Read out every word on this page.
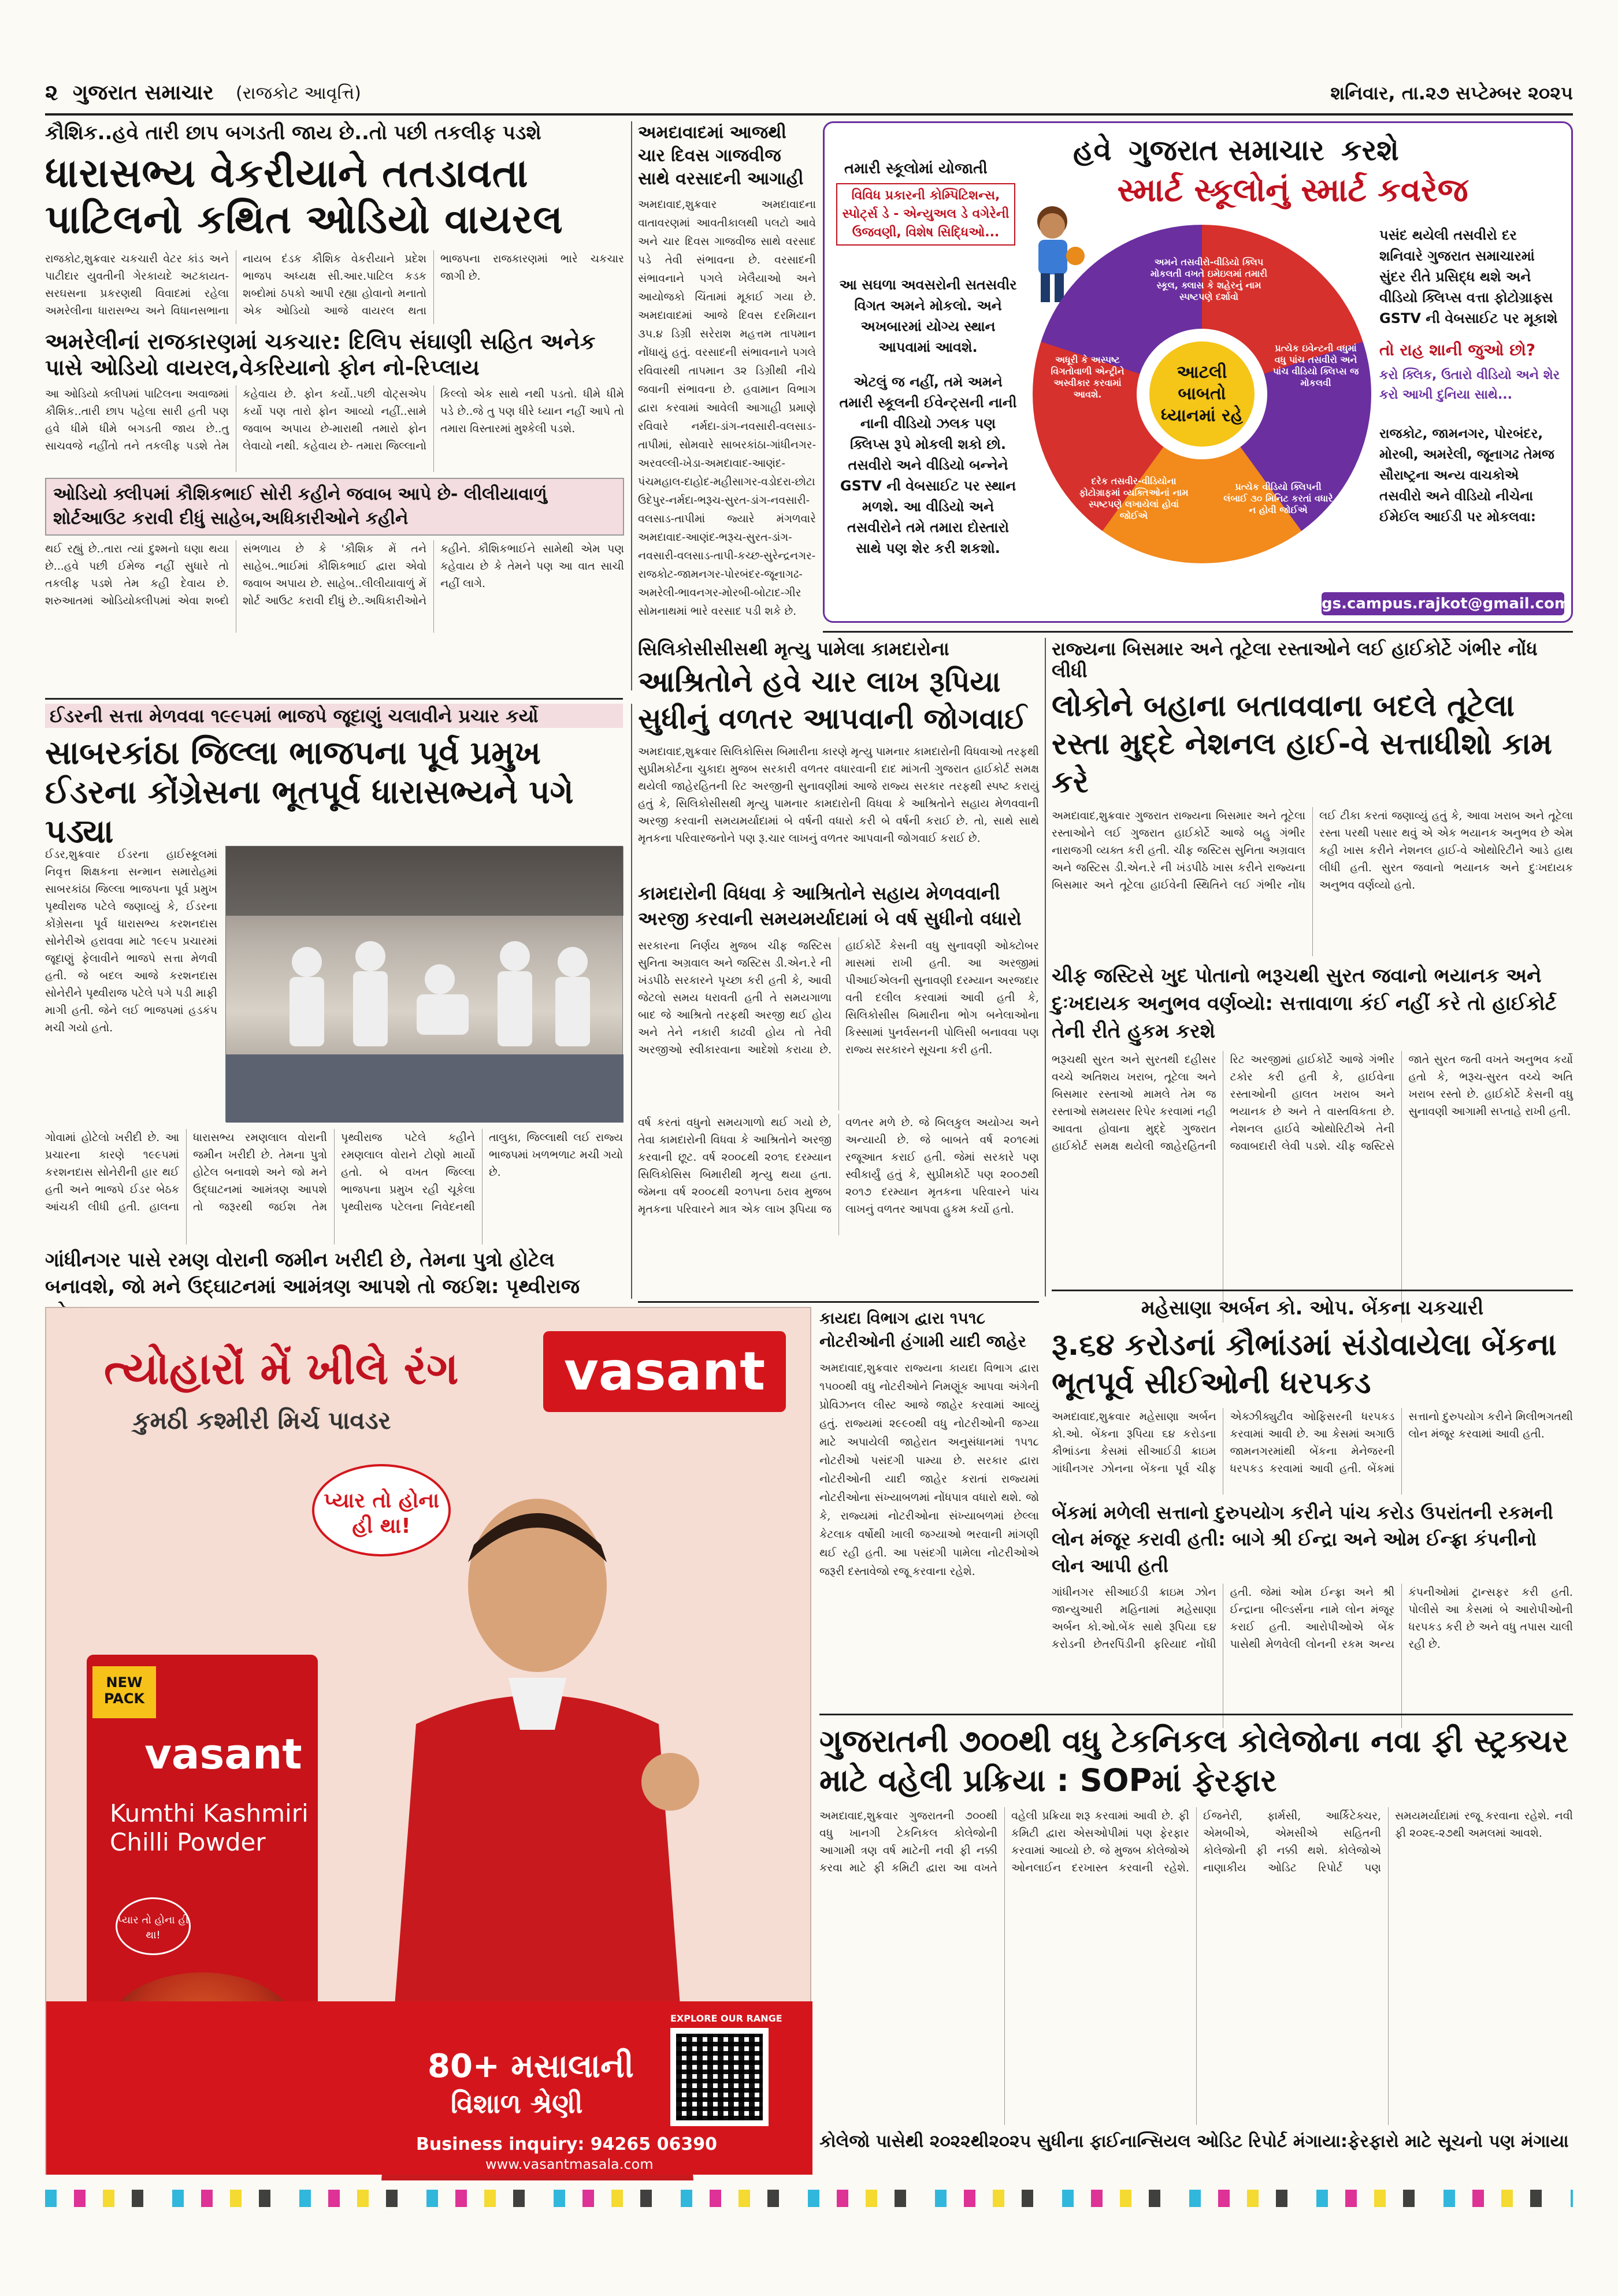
૨ ગુજરાત સમાચાર (રાજકોટ આવૃત્તિ)	શનિવાર, તા.૨૭ સપ્ટેમ્બર ૨૦૨૫
કૌશિક..હવે તારી છાપ બગડતી જાય છે..તો પછી તકલીફ પડશે
ધારાસભ્ય વેકરીયાને તતડાવતા પાટિલનો કથિત ઓડિયો વાયરલ
રાજકોટ,શુક્રવાર ચકચારી વેટર કાંડ અને પાટીદાર યુવતીની ગેરકાયદે અટકાયત-સરઘસના પ્રકરણથી વિવાદમાં રહેલા અમરેલીના ધારાસભ્ય અને વિધાનસભાના નાયબ દંડક કૌશિક વેકરીયાને પ્રદેશ ભાજપ અધ્યક્ષ સી.આર.પાટિલ કડક શબ્દોમાં ઠપકો આપી રહ્યા હોવાનો મનાતો એક ઓડિયો આજે વાયરલ થતા ભાજપના રાજકારણમાં ભારે ચકચાર જાગી છે.
અમરેલીનાં રાજકારણમાં ચકચાર: દિલિપ સંઘાણી સહિત અનેક પાસે ઓડિયો વાયરલ,વેકરિયાનો ફોન નો-રિપ્લાય
આ ઓડિયો ક્લીપમાં પાટિલના અવાજમાં કૌશિક..તારી છાપ પહેલા સારી હતી પણ હવે ધીમે ધીમે બગડતી જાય છે..તુ સાચવજે નહીંતો તને તકલીફ પડશે તેમ કહેવાય છે. ફોન કર્યો..પછી વોટ્સએપ કર્યો પણ તારો ફોન આવ્યો નહીં..સામે જવાબ અપાય છે-મારાથી તમારો ફોન લેવાયો નથી. કહેવાય છે- તમારા જિલ્લાનો કિલ્લો એક સાથે નથી પડતો. ધીમે ધીમે પડે છે..જે તુ પણ ધીરે ધ્યાન નહીં આપે તો તમારા વિસ્તારમાં મુશ્કેલી પડશે.
ઓડિયો ક્લીપમાં કૌશિકભાઈ સોરી કહીને જવાબ આપે છે- લીલીયાવાળું શોર્ટઆઉટ કરાવી દીધું સાહેબ,અધિકારીઓને કહીને
થઈ રહ્યું છે..તારા ત્યાં દુશ્મનો ઘણા થયા છે...હવે પછી ઈમેજ નહીં સુધારે તો તકલીફ પડશે તેમ કહી દેવાય છે. શરુઆતમાં ઓડિયોક્લીપમાં એવા શબ્દો સંભળાય છે કે 'કૌશિક મેં તને સાહેબ..ભાઈમાં કૌશિકભાઈ દ્વારા એવો જવાબ અપાય છે. સાહેબ..લીલીયાવાળું મેં શોર્ટ આઉટ કરાવી દીધું છે..અધિકારીઓને કહીને. કૌશિકભાઈને સામેથી એમ પણ કહેવાય છે કે તેમને પણ આ વાત સાચી નહીં લાગે.
અમદાવાદમાં આજથી ચાર દિવસ ગાજવીજ સાથે વરસાદની આગાહી
અમદાવાદ,શુક્રવાર અમદાવાદના વાતાવરણમાં આવતીકાલથી પલટો આવે અને ચાર દિવસ ગાજવીજ સાથે વરસાદ પડે તેવી સંભાવના છે. વરસાદની સંભાવનાને પગલે ખેલૈયાઓ અને આયોજકો ચિંતામાં મૂકાઈ ગયા છે. અમદાવાદમાં આજે દિવસ દરમિયાન ૩૫.૪ ડિગ્રી સરેરાશ મહત્તમ તાપમાન નોંધાયું હતું. વરસાદની સંભાવનાને પગલે રવિવારથી તાપમાન ૩૨ ડિગ્રીથી નીચે જવાની સંભાવના છે. હવામાન વિભાગ દ્વારા કરવામાં આવેલી આગાહી પ્રમાણે રવિવારે નર્મદા-ડાંગ-નવસારી-વલસાડ-તાપીમાં, સોમવારે સાબરકાંઠા-ગાંધીનગર-અરવલ્લી-ખેડા-અમદાવાદ-આણંદ-પંચમહાલ-દાહોદ-મહીસાગર-વડોદરા-છોટા ઉદેપુર-નર્મદા-ભરૂચ-સુરત-ડાંગ-નવસારી-વલસાડ-તાપીમાં જ્યારે મંગળવારે અમદાવાદ-આણંદ-ભરૂચ-સુરત-ડાંગ-નવસારી-વલસાડ-તાપી-કચ્છ-સુરેન્દ્રનગર-રાજકોટ-જામનગર-પોરબંદર-જૂનાગઢ-અમરેલી-ભાવનગર-મોરબી-બોટાદ-ગીર સોમનાથમાં ભારે વરસાદ પડી શકે છે.
હવે ગુજરાત સમાચાર કરશે
સ્માર્ટ સ્કૂલોનું સ્માર્ટ કવરેજ
તમારી સ્કૂલોમાં યોજાતી
વિવિધ પ્રકારની કોમ્પિટિશન્સ, સ્પોર્ટ્સ ડે - એન્યુઅલ ડે વગેરેની ઉજવણી, વિશેષ સિદ્ધિઓ...
આ સઘળા અવસરોની સતસવીર વિગત અમને મોકલો. અને અખબારમાં યોગ્ય સ્થાન આપવામાં આવશે.
એટલું જ નહીં, તમે અમને તમારી સ્કૂલની ઈવેન્ટ્સની નાની નાની વીડિયો ઝલક પણ ક્લિપ્સ રૂપે મોકલી શકો છો. તસવીરો અને વીડિયો બન્નેને GSTV ની વેબસાઈટ પર સ્થાન મળશે. આ વીડિયો અને તસવીરોને તમે તમારા દોસ્તારો સાથે પણ શેર કરી શકશો.
આટલી બાબતો ધ્યાનમાં રહે
અમને તસવીરો-વીડિયો ક્લિપ મોકલતી વખતે ઇમેઇલમાં તમારી સ્કૂલ, ક્લાસ કે શહેરનું નામ સ્પષ્ટપણે દર્શાવો
પ્રત્યેક ઇવેન્ટની વધુમાં વધુ પાંચ તસવીરો અને પાંચ વીડિયો ક્લિપ્સ જ મોકલવી
પ્રત્યેક વીડિયો ક્લિપની લંબાઈ ૩૦ મિનિટ કરતાં વધારે ન હોવી જોઈએ
દરેક તસવીર-વીડિયોના ફોટોગ્રાફમાં વ્યક્તિઓનાં નામ સ્પષ્ટપણે લખાયેલાં હોવાં જોઈએ
અધૂરી કે અસ્પષ્ટ વિગતોવાળી એન્ટ્રીને અસ્વીકાર કરવામાં આવશે.
પસંદ થયેલી તસવીરો દર શનિવારે ગુજરાત સમાચારમાં સુંદર રીતે પ્રસિદ્ધ થશે અને વીડિયો ક્લિપ્સ વત્તા ફોટોગ્રાફ્સ GSTV ની વેબસાઈટ પર મૂકાશે
તો રાહ શાની જુઓ છો?
કરો ક્લિક, ઉતારો વીડિયો અને શેર કરો આખી દુનિયા સાથે...
રાજકોટ, જામનગર, પોરબંદર, મોરબી, અમરેલી, જૂનાગઢ તેમજ સૌરાષ્ટ્રના અન્ય વાચકોએ તસવીરો અને વીડિયો નીચેના ઈમેઈલ આઈડી પર મોકલવા:
gs.campus.rajkot@gmail.com
ઈડરની સત્તા મેળવવા ૧૯૯૫માં ભાજપે જૂદાણું ચલાવીને પ્રચાર કર્યો
સાબરકાંઠા જિલ્લા ભાજપના પૂર્વ પ્રમુખ ઈડરના કોંગ્રેસના ભૂતપૂર્વ ધારાસભ્યને પગે પડ્યા
ઈડર,શુક્રવાર ઈડરના હાઈસ્કૂલમાં નિવૃત્ત શિક્ષકના સન્માન સમારોહમાં સાબરકાંઠા જિલ્લા ભાજપના પૂર્વ પ્રમુખ પૃથ્વીરાજ પટેલે જણાવ્યું કે, ઈડરના કોંગ્રેસના પૂર્વ ધારાસભ્ય કરશનદાસ સોનેરીએ હરાવવા માટે ૧૯૯૫ પ્રચારમાં જૂદાણું ફેલાવીને ભાજપે સત્તા મેળવી હતી. જે બદલ આજે કરશનદાસ સોનેરીને પૃથ્વીરાજ પટેલે પગે પડી માફી માગી હતી. જેને લઈ ભાજપમાં હડકંપ મચી ગયો હતો.
ગોવામાં હોટેલો ખરીદી છે. આ પ્રચારના કારણે ૧૯૯૫માં કરશનદાસ સોનેરીની હાર થઈ હતી અને ભાજપે ઈડર બેઠક આંચકી લીધી હતી. હાલના ધારાસભ્ય રમણલાલ વોરાની જમીન ખરીદી છે. તેમના પુત્રો હોટેલ બનાવશે અને જો મને ઉદ્‌ઘાટનમાં આમંત્રણ આપશે તો જરૂરથી જઈશ તેમ પૃથ્વીરાજ પટેલે કહીને રમણલાલ વોરાને ટોણો માર્યો હતો. બે વખત જિલ્લા ભાજપના પ્રમુખ રહી ચૂકેલા પૃથ્વીરાજ પટેલના નિવેદનથી તાલુકા, જિલ્લાથી લઈ રાજ્ય ભાજપમાં ખળભળાટ મચી ગયો છે.
ગાંધીનગર પાસે રમણ વોરાની જમીન ખરીદી છે, તેમના પુત્રો હોટેલ બનાવશે, જો મને ઉદ્ઘાટનમાં આમંત્રણ આપશે તો જઈશ: પૃથ્વીરાજ
સિલિકોસીસીસથી મૃત્યુ પામેલા કામદારોના
આશ્રિતોને હવે ચાર લાખ રૂપિયા સુધીનું વળતર આપવાની જોગવાઈ
અમદાવાદ,શુક્રવાર સિલિકોસિસ બિમારીના કારણે મૃત્યુ પામનાર કામદારોની વિધવાઓ તરફથી સુપ્રીમકોર્ટના ચુકાદા મુજબ સરકારી વળતર વધારવાની દાદ માંગતી ગુજરાત હાઈકોર્ટ સમક્ષ થયેલી જાહેરહિતની રિટ અરજીની સુનાવણીમાં આજે રાજ્ય સરકાર તરફથી સ્પષ્ટ કરાયું હતું કે, સિલિકોસીસથી મૃત્યુ પામનાર કામદારોની વિધવા કે આશ્રિતોને સહાય મેળવવાની અરજી કરવાની સમયમર્યાદામાં બે વર્ષની વધારો કરી બે વર્ષની કરાઈ છે. તો, સાથે સાથે મૃતકના પરિવારજનોને પણ રૂ.ચાર લાખનું વળતર આપવાની જોગવાઈ કરાઈ છે.
કામદારોની વિધવા કે આશ્રિતોને સહાય મેળવવાની અરજી કરવાની સમયમર્યાદામાં બે વર્ષ સુધીનો વધારો
સરકારના નિર્ણય મુજબ ચીફ જસ્ટિસ સુનિતા અગ્રવાલ અને જસ્ટિસ ડી.એન.રે ની ખંડપીઠે સરકારને પૃચ્છા કરી હતી કે, આવી જેટલો સમય ધરાવતી હતી તે સમયગાળા બાદ જે આશ્રિતો તરફથી અરજી થઈ હોય અને તેને નકારી કાઢવી હોય તો તેવી અરજીઓ સ્વીકારવાના આદેશો કરાયા છે. હાઈકોર્ટે કેસની વધુ સુનાવણી ઓક્ટોબર માસમાં રાખી હતી. આ અરજીમાં પીઆઈએલની સુનાવણી દરમ્યાન અરજદાર વતી દલીલ કરવામાં આવી હતી કે, સિલિકોસીસ બિમારીના ભોગ બનેલાઓના કિસ્સામાં પુનર્વસનની પોલિસી બનાવવા પણ રાજ્ય સરકારને સૂચના કરી હતી.
વર્ષ કરતાં વધુનો સમયગાળો થઈ ગયો છે, તેવા કામદારોની વિધવા કે આશ્રિતોને અરજી કરવાની છૂટ. વર્ષ ૨૦૦૮થી ૨૦૧૬ દરમ્યાન સિલિકોસિસ બિમારીથી મૃત્યુ થયા હતા. જેમના વર્ષ ૨૦૦૮થી ૨૦૧૫ના ઠરાવ મુજબ મૃતકના પરિવારને માત્ર એક લાખ રૂપિયા જ વળતર મળે છે. જે બિલકુલ અયોગ્ય અને અન્યાયી છે. જે બાબતે વર્ષ ૨૦૧૯માં રજૂઆત કરાઈ હતી. જેમાં સરકારે પણ સ્વીકાર્યું હતું કે, સુપ્રીમકોર્ટે પણ ૨૦૦૭થી ૨૦૧૭ દરમ્યાન મૃતકના પરિવારને પાંચ લાખનું વળતર આપવા હુકમ કર્યો હતો.
રાજ્યના બિસમાર અને તૂટેલા રસ્તાઓને લઈ હાઈકોર્ટે ગંભીર નોંધ લીધી
લોકોને બહાના બતાવવાના બદલે તૂટેલા રસ્તા મુદ્દે નેશનલ હાઈ-વે સત્તાધીશો કામ કરે
અમદાવાદ,શુક્રવાર ગુજરાત રાજ્યના બિસમાર અને તૂટેલા રસ્તાઓને લઈ ગુજરાત હાઈકોર્ટે આજે બહુ ગંભીર નારાજગી વ્યક્ત કરી હતી. ચીફ જસ્ટિસ સુનિતા અગ્રવાલ અને જસ્ટિસ ડી.એન.રે ની ખંડપીઠે ખાસ કરીને રાજ્યના બિસમાર અને તૂટેલા હાઈવેની સ્થિતિને લઈ ગંભીર નોંધ લઈ ટીકા કરતાં જણાવ્યું હતું કે, આવા ખરાબ અને તૂટેલા રસ્તા પરથી પસાર થવું એ એક ભયાનક અનુભવ છે એમ કહી ખાસ કરીને નેશનલ હાઈ-વે ઓથોરિટીને આડે હાથ લીધી હતી. સુરત જવાનો ભયાનક અને દુઃખદાયક અનુભવ વર્ણવ્યો હતો.
ચીફ જસ્ટિસે ખુદ પોતાનો ભરૂચથી સુરત જવાનો ભયાનક અને દુઃખદાયક અનુભવ વર્ણવ્યો: સત્તાવાળા કંઈ નહીં કરે તો હાઈકોર્ટ તેની રીતે હુકમ કરશે
ભરૂચથી સુરત અને સુરતથી દહીસર વચ્ચે અતિશય ખરાબ, તૂટેલા અને બિસમાર રસ્તાઓ મામલે તેમ જ રસ્તાઓ સમયસર રિપેર કરવામાં નહી આવતા હોવાના મુદ્દે ગુજરાત હાઈકોર્ટ સમક્ષ થયેલી જાહેરહિતની રિટ અરજીમાં હાઈકોર્ટે આજે ગંભીર ટકોર કરી હતી કે, હાઈવેના રસ્તાઓની હાલત ખરાબ અને ભયાનક છે અને તે વાસ્તવિકતા છે. નેશનલ હાઈવે ઓથોરિટીએ તેની જવાબદારી લેવી પડશે. ચીફ જસ્ટિસે જાતે સુરત જતી વખતે અનુભવ કર્યો હતો કે, ભરૂચ-સુરત વચ્ચે અતિ ખરાબ રસ્તો છે. હાઈકોર્ટે કેસની વધુ સુનાવણી આગામી સપ્તાહે રાખી હતી.
ત્યોહારોં મેં ખીલે રંગ
કુમઠી કશ્મીરી મિર્ચ પાવડર
vasant
પ્યાર તો હોના હી થા!
NEW PACK
vasant
Kumthi Kashmiri
Chilli Powder
પ્યાર તો હોના હી થા!
80+ મસાલાની
વિશાળ શ્રેણી
EXPLORE OUR RANGE
Business inquiry: 94265 06390
www.vasantmasala.com
કાયદા વિભાગ દ્વારા ૧૫૧૮ નોટરીઓની હંગામી યાદી જાહેર
અમદાવાદ,શુક્રવાર રાજ્યના કાયદા વિભાગ દ્વારા ૧૫૦૦થી વધુ નોટરીઓને નિમણૂંક આપવા અંગેની પ્રોવિઝનલ લીસ્ટ આજે જાહેર કરવામાં આવ્યું હતું. રાજ્યમાં ૨૯૯૦થી વધુ નોટરીઓની જગ્યા માટે અપાયેલી જાહેરાત અનુસંધાનમાં ૧૫૧૮ નોટરીઓ પસંદગી પામ્યા છે. સરકાર દ્વારા નોટરીઓની યાદી જાહેર કરાતાં રાજ્યમાં નોટરીઓના સંખ્યાબળમાં નોંધપાત્ર વધારો થશે. જો કે, રાજ્યમાં નોટરીઓના સંખ્યાબળમાં છેલ્લા કેટલાક વર્ષોથી ખાલી જગ્યાઓ ભરવાની માંગણી થઈ રહી હતી. આ પસંદગી પામેલા નોટરીઓએ જરૂરી દસ્તાવેજો રજૂ કરવાના રહેશે.
મહેસાણા અર્બન કો. ઓપ. બેંકના ચકચારી
રૂ.૬૪ કરોડનાં કૌભાંડમાં સંડોવાયેલા બેંકના ભૂતપૂર્વ સીઈઓની ધરપકડ
અમદાવાદ,શુક્રવાર મહેસાણા અર્બન કો.ઓ. બેંકના રૂપિયા ૬૪ કરોડના કૌભાંડના કેસમાં સીઆઈડી ક્રાઇમ ગાંધીનગર ઝોનના બેંકના પૂર્વ ચીફ એક્ઝીક્યુટીવ ઓફિસરની ધરપકડ કરવામાં આવી છે. આ કેસમાં અગાઉ જામનગરમાંથી બેંકના મેનેજરની ધરપકડ કરવામાં આવી હતી. બેંકમાં સત્તાનો દુરુપયોગ કરીને મિલીભગતથી લોન મંજૂર કરવામાં આવી હતી.
બેંકમાં મળેલી સત્તાનો દુરુપયોગ કરીને પાંચ કરોડ ઉપરાંતની રકમની લોન મંજૂર કરાવી હતી: બાગે શ્રી ઈન્દ્રા અને ઓમ ઈન્ફ્રા કંપનીનો લોન આપી હતી
ગાંધીનગર સીઆઈડી ક્રાઇમ ઝોન જાન્યુઆરી મહિનામાં મહેસાણા અર્બન કો.ઓ.બેંક સાથે રૂપિયા ૬૪ કરોડની છેતરપિંડીની ફરિયાદ નોંધી હતી. જેમાં ઓમ ઈન્ફ્રા અને શ્રી ઈન્દ્રાના બીલ્ડર્સના નામે લોન મંજૂર કરાઈ હતી. આરોપીઓએ બેંક પાસેથી મેળવેલી લોનની રકમ અન્ય કંપનીઓમાં ટ્રાન્સફર કરી હતી. પોલીસે આ કેસમાં બે આરોપીઓની ધરપકડ કરી છે અને વધુ તપાસ ચાલી રહી છે.
ગુજરાતની ૭૦૦થી વધુ ટેકનિકલ કોલેજોના નવા ફી સ્ટ્રક્ચર માટે વહેલી પ્રક્રિયા : SOPમાં ફેરફાર
અમદાવાદ,શુક્રવાર ગુજરાતની ૭૦૦થી વધુ ખાનગી ટેકનિકલ કોલેજોની આગામી ત્રણ વર્ષ માટેની નવી ફી નક્કી કરવા માટે ફી કમિટી દ્વારા આ વખતે વહેલી પ્રક્રિયા શરૂ કરવામાં આવી છે. ફી કમિટી દ્વારા એસઓપીમાં પણ ફેરફાર કરવામાં આવ્યો છે. જે મુજબ કોલેજોએ ઓનલાઈન દરખાસ્ત કરવાની રહેશે. ઈજનેરી, ફાર્મસી, આર્કિટેક્ચર, એમબીએ, એમસીએ સહિતની કોલેજોની ફી નક્કી થશે. કોલેજોએ નાણાકીય ઓડિટ રિપોર્ટ પણ સમયમર્યાદામાં રજૂ કરવાના રહેશે. નવી ફી ૨૦૨૬-૨૭થી અમલમાં આવશે.
કોલેજો પાસેથી ૨૦૨૨થી૨૦૨૫ સુધીના ફાઈનાન્સિયલ ઓડિટ રિપોર્ટ મંગાયા:ફેરફારો માટે સૂચનો પણ મંગાયા
